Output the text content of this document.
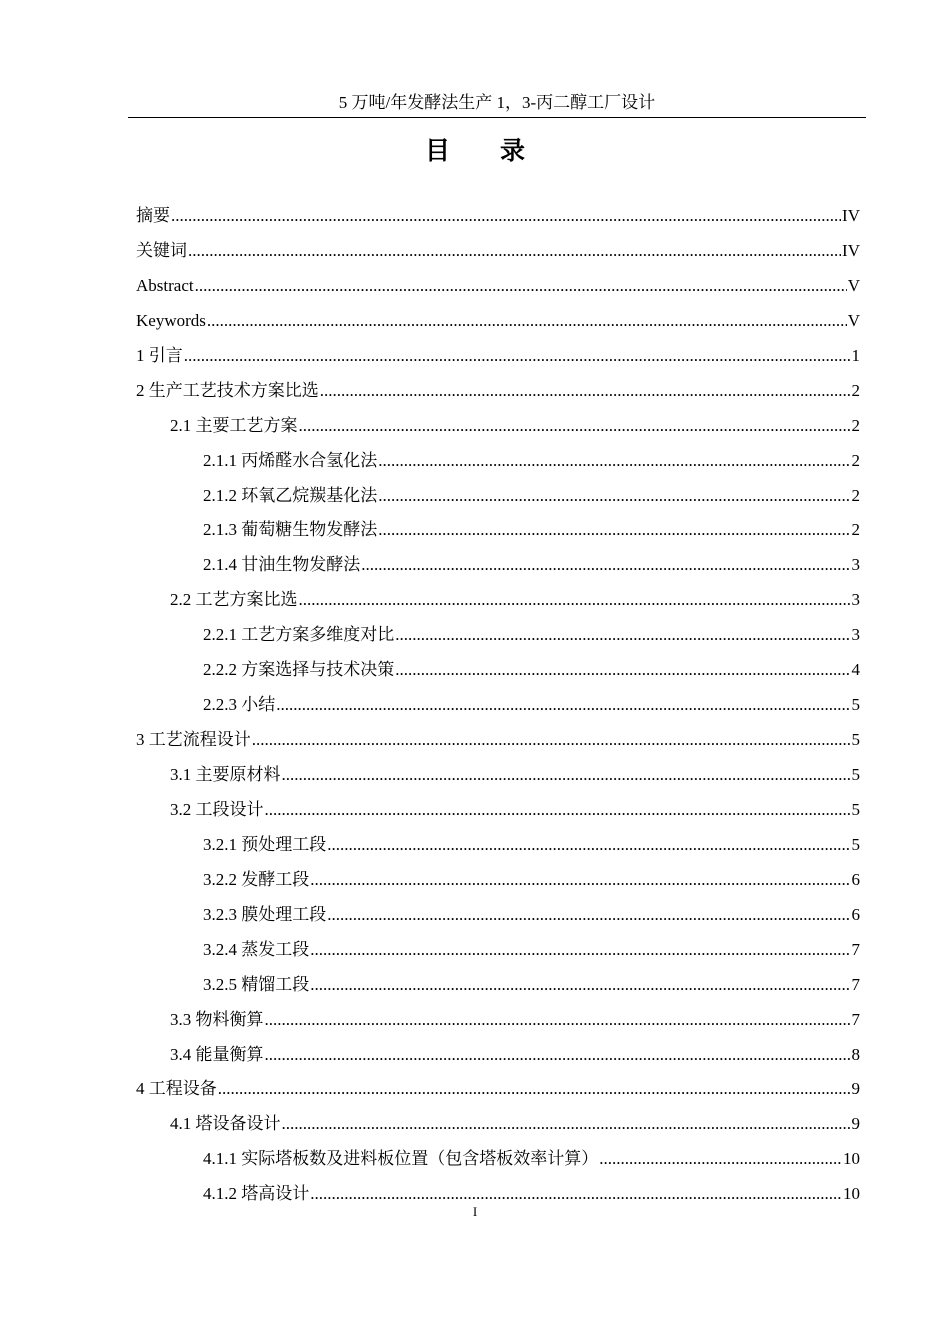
5 万吨/年发酵法生产 1，3-丙二醇工厂设计
目 录
摘要 .....	IV
关键词 .....	IV
Abstract .....	V
Keywords .....	V
1 引言 .....	1
2 生产工艺技术方案比选 .....	2
2.1 主要工艺方案 .....	2
2.1.1 丙烯醛水合氢化法 .....	2
2.1.2 环氧乙烷羰基化法 .....	2
2.1.3 葡萄糖生物发酵法 .....	2
2.1.4 甘油生物发酵法 .....	3
2.2 工艺方案比选 .....	3
2.2.1 工艺方案多维度对比 .....	3
2.2.2 方案选择与技术决策 .....	4
2.2.3 小结 .....	5
3 工艺流程设计 .....	5
3.1 主要原材料 .....	5
3.2 工段设计 .....	5
3.2.1 预处理工段 .....	5
3.2.2 发酵工段 .....	6
3.2.3 膜处理工段 .....	6
3.2.4 蒸发工段 .....	7
3.2.5 精馏工段 .....	7
3.3 物料衡算 .....	7
3.4 能量衡算 .....	8
4 工程设备 .....	9
4.1 塔设备设计 .....	9
4.1.1 实际塔板数及进料板位置（包含塔板效率计算） .....	10
4.1.2 塔高设计 .....	10
I
